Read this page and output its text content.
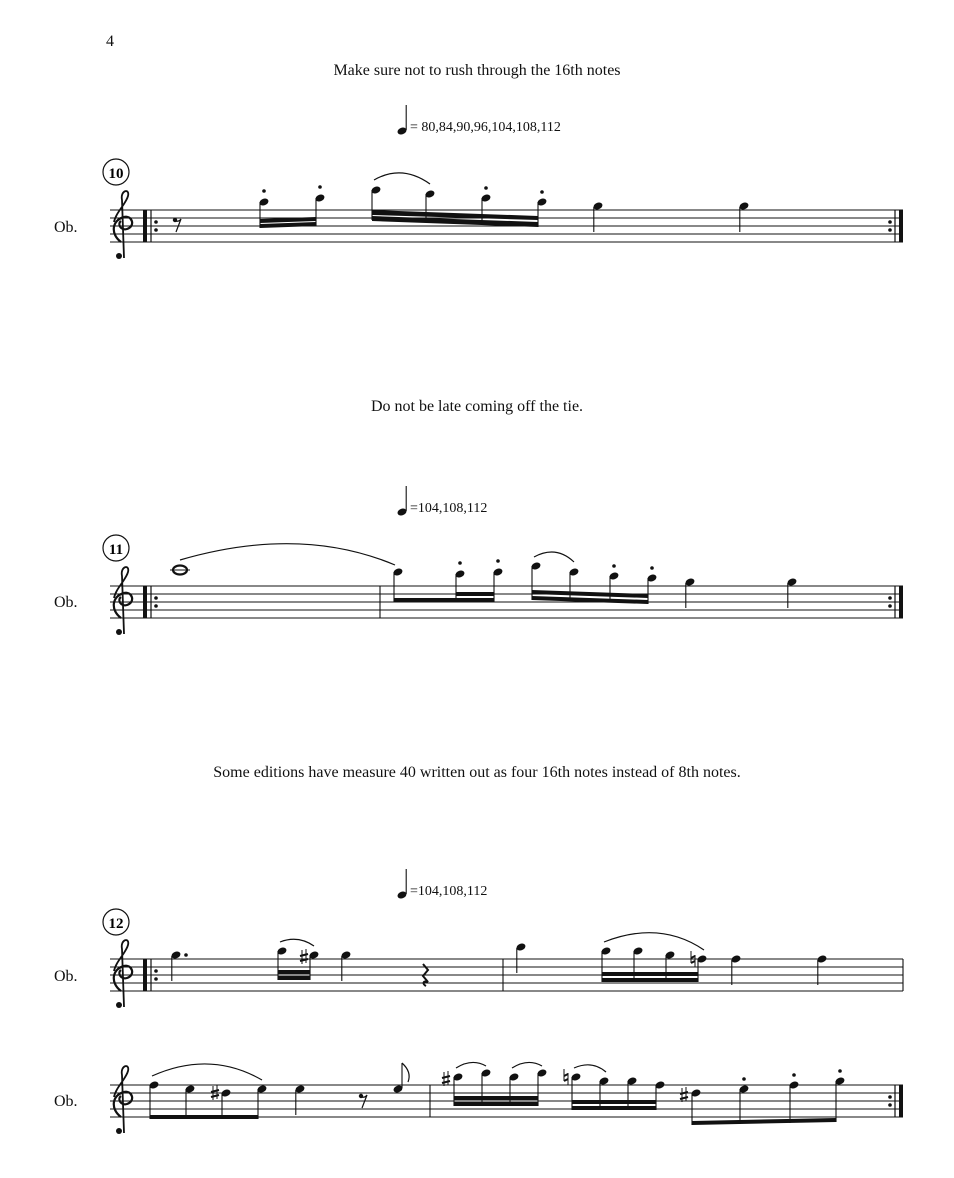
4
Make sure not to rush through the 16th notes
= 80,84,90,96,104,108,112
Ob.
Do not be late coming off the tie.
=104,108,112
Ob.
Some editions have measure 40 written out as four 16th notes instead of 8th notes.
=104,108,112
Ob.
Ob.
10
11
12
